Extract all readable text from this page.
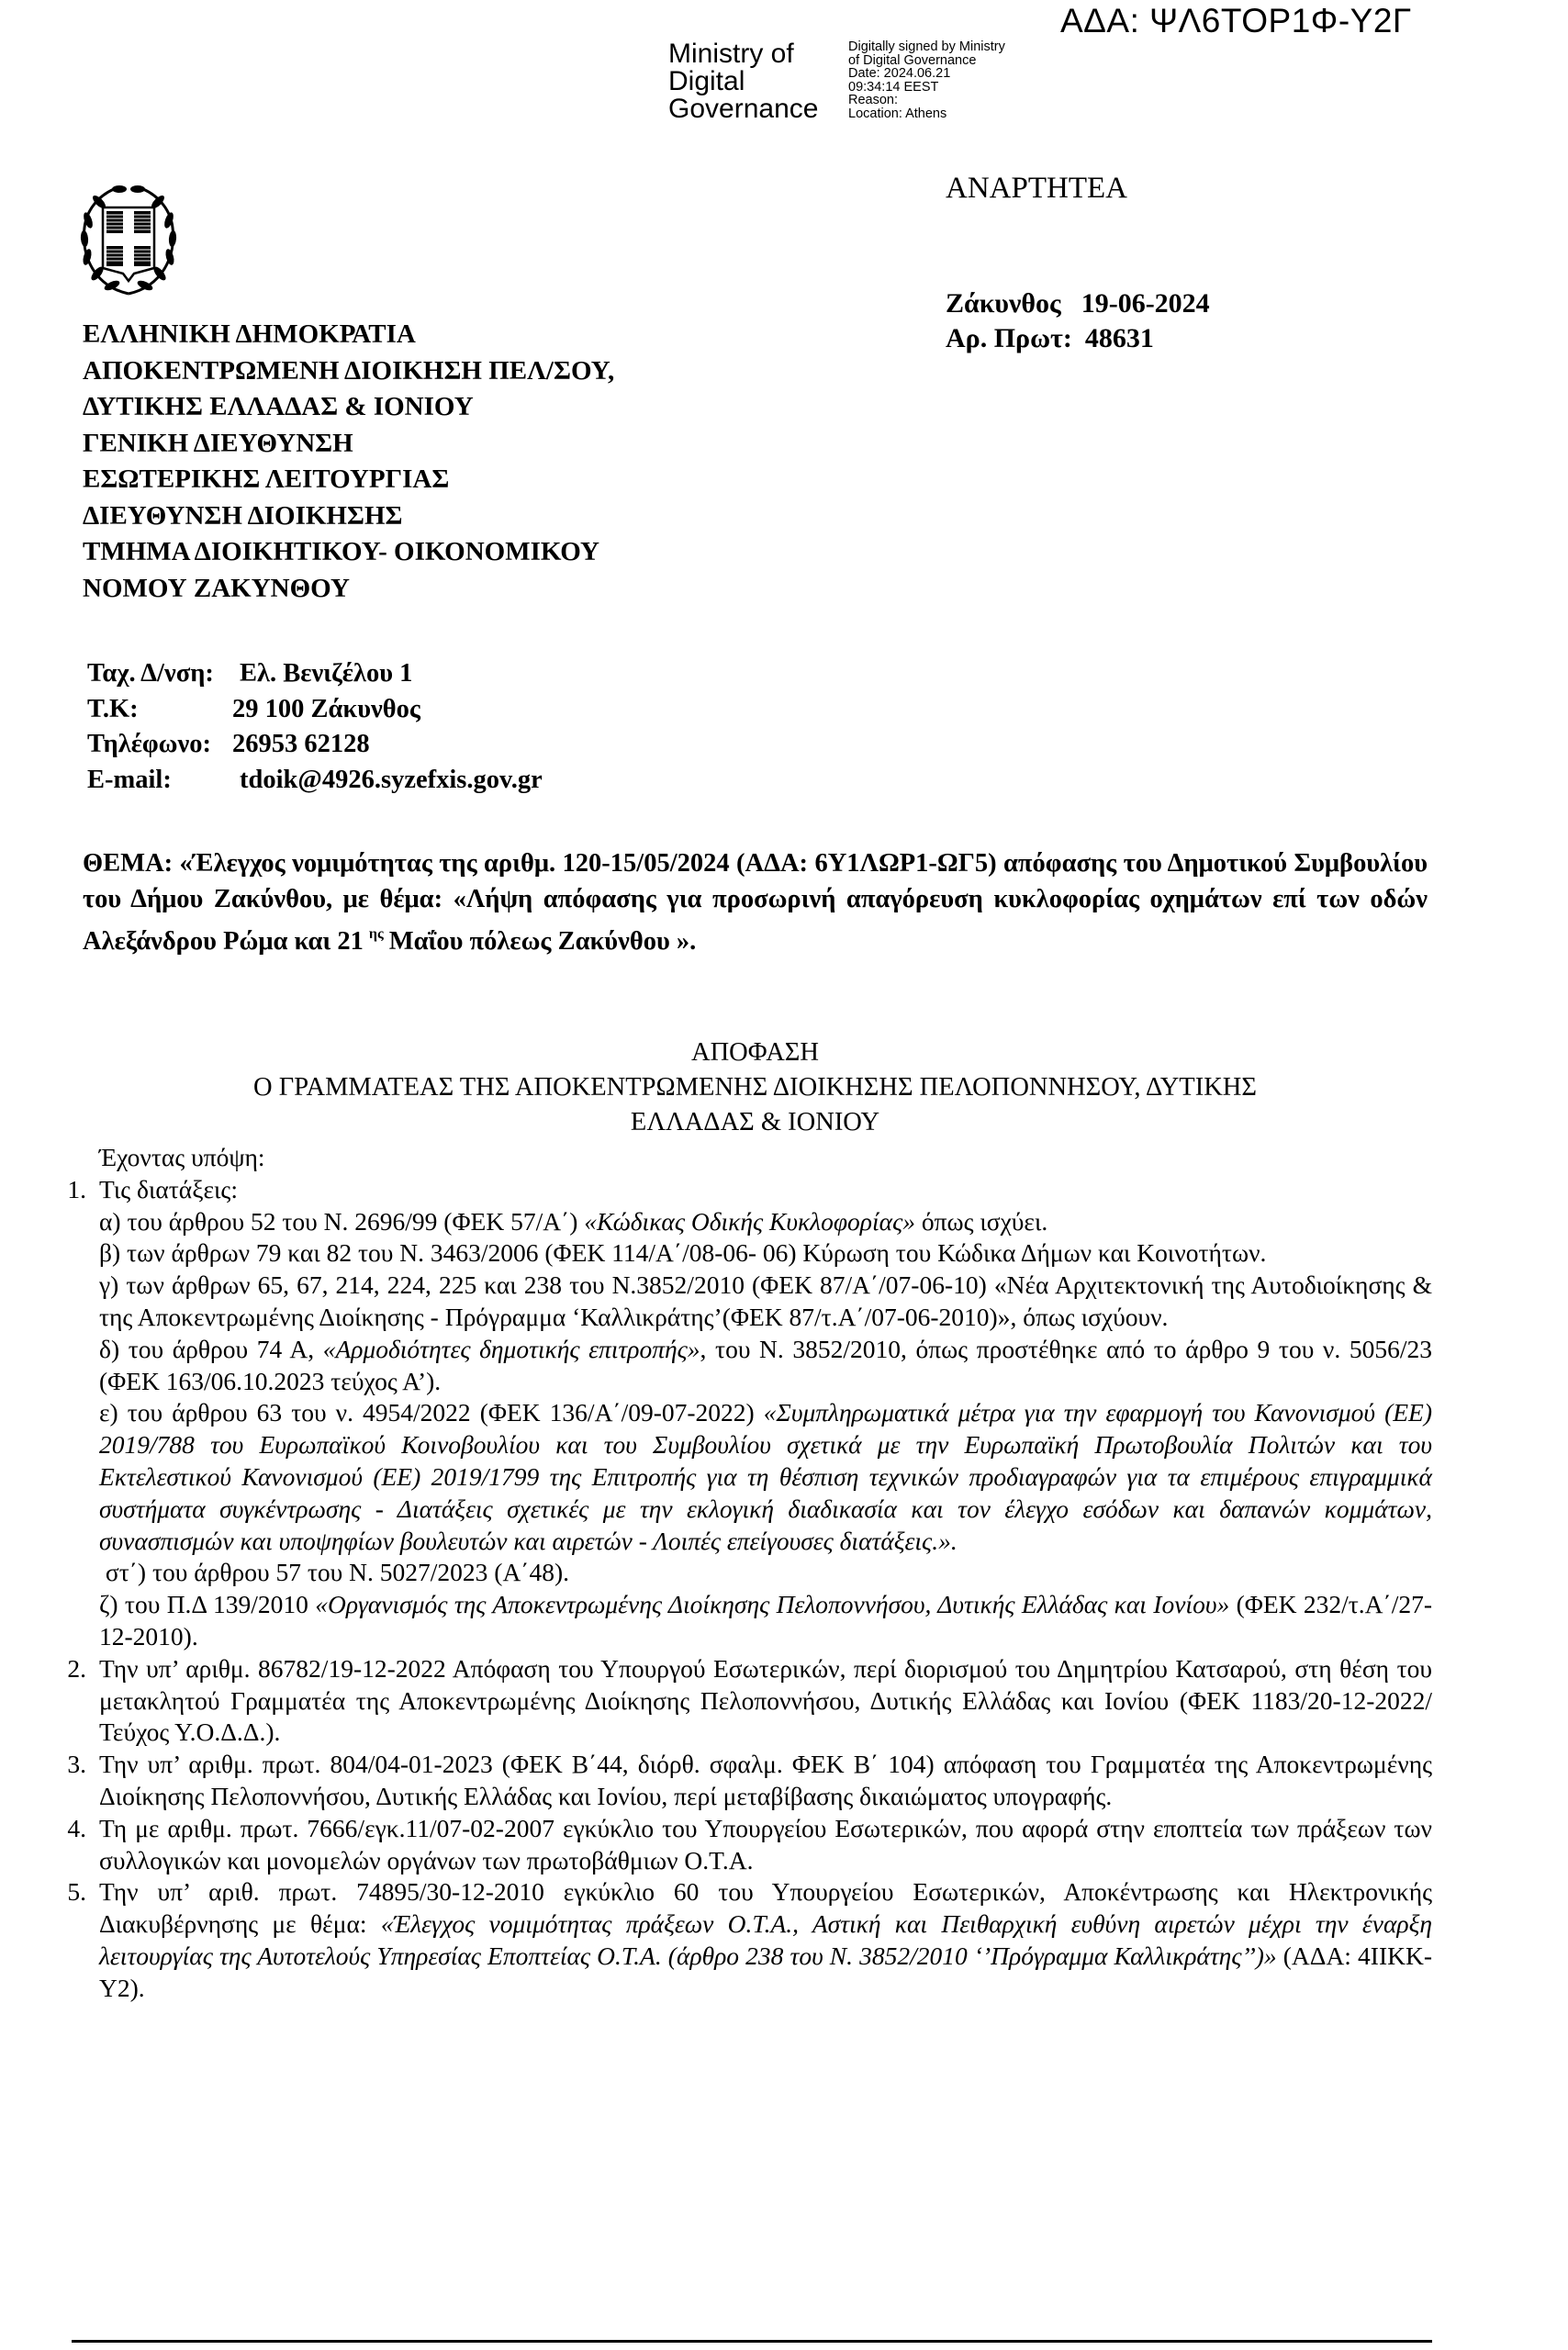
Ministry of
Digital
Governance
Digitally signed by Ministry
of Digital Governance
Date: 2024.06.21
09:34:14 EEST
Reason:
Location: Athens
ΑΔΑ: ΨΛ6ΤΟΡ1Φ-Υ2Γ
ΑΝΑΡΤΗΤΕΑ
Ζάκυνθος 19-06-2024
Αρ. Πρωτ: 48631
ΕΛΛΗΝΙΚΗ ΔΗΜΟΚΡΑΤΙΑ
ΑΠΟΚΕΝΤΡΩΜΕΝΗ ΔΙΟΙΚΗΣΗ ΠΕΛ/ΣΟΥ,
ΔΥΤΙΚΗΣ ΕΛΛΑΔΑΣ & ΙΟΝΙΟΥ
ΓΕΝΙΚΗ ΔΙΕΥΘΥΝΣΗ
ΕΣΩΤΕΡΙΚΗΣ ΛΕΙΤΟΥΡΓΙΑΣ
ΔΙΕΥΘΥΝΣΗ ΔΙΟΙΚΗΣΗΣ
ΤΜΗΜΑ ΔΙΟΙΚΗΤΙΚΟΥ- ΟΙΚΟΝΟΜΙΚΟΥ
ΝΟΜΟΥ ΖΑΚΥΝΘΟΥ
Ταχ. Δ/νση: Ελ. Βενιζέλου 1
Τ.Κ:	29 100 Ζάκυνθος
Τηλέφωνο: 26953 62128
E-mail:	tdoik@4926.syzefxis.gov.gr
ΘΕΜΑ: «Έλεγχος νομιμότητας της αριθμ. 120-15/05/2024 (ΑΔΑ: 6Υ1ΛΩΡ1-ΩΓ5) απόφασης του Δημοτικού Συμβουλίου του Δήμου Ζακύνθου, με θέμα: «Λήψη απόφασης για προσωρινή απαγόρευση κυκλοφορίας οχημάτων επί των οδών Αλεξάνδρου Ρώμα και 21 $^{\eta\varsigma}$ Μαΐου πόλεως Ζακύνθου ».
ΑΠΟΦΑΣΗ
Ο ΓΡΑΜΜΑΤΕΑΣ ΤΗΣ ΑΠΟΚΕΝΤΡΩΜΕΝΗΣ ΔΙΟΙΚΗΣΗΣ ΠΕΛΟΠΟΝΝΗΣΟΥ, ΔΥΤΙΚΗΣ
ΕΛΛΑΔΑΣ & ΙΟΝΙΟΥ
Έχοντας υπόψη:
1. Τις διατάξεις:
α) του άρθρου 52 του Ν. 2696/99 (ΦΕΚ 57/Α΄) «Κώδικας Οδικής Κυκλοφορίας» όπως ισχύει.
β) των άρθρων 79 και 82 του Ν. 3463/2006 (ΦΕΚ 114/Α΄/08-06- 06) Κύρωση του Κώδικα Δήμων και Κοινοτήτων.
γ) των άρθρων 65, 67, 214, 224, 225 και 238 του Ν.3852/2010 (ΦΕΚ 87/Α΄/07-06-10) «Νέα Αρχιτεκτονική της Αυτοδιοίκησης & της Αποκεντρωμένης Διοίκησης - Πρόγραμμα ‘Καλλικράτης’(ΦΕΚ 87/τ.Α΄/07-06-2010)», όπως ισχύουν.
δ) του άρθρου 74 Α, «Αρμοδιότητες δημοτικής επιτροπής», του Ν. 3852/2010, όπως προστέθηκε από το άρθρο 9 του ν. 5056/23 (ΦΕΚ 163/06.10.2023 τεύχος Α’).
ε) του άρθρου 63 του ν. 4954/2022 (ΦΕΚ 136/Α΄/09-07-2022) «Συμπληρωματικά μέτρα για την εφαρμογή του Κανονισμού (ΕΕ) 2019/788 του Ευρωπαϊκού Κοινοβουλίου και του Συμβουλίου σχετικά με την Ευρωπαϊκή Πρωτοβουλία Πολιτών και του Εκτελεστικού Κανονισμού (ΕΕ) 2019/1799 της Επιτροπής για τη θέσπιση τεχνικών προδιαγραφών για τα επιμέρους επιγραμμικά συστήματα συγκέντρωσης - Διατάξεις σχετικές με την εκλογική διαδικασία και τον έλεγχο εσόδων και δαπανών κομμάτων, συνασπισμών και υποψηφίων βουλευτών και αιρετών - Λοιπές επείγουσες διατάξεις.».
στ΄) του άρθρου 57 του Ν. 5027/2023 (Α΄48).
ζ) του Π.Δ 139/2010 «Οργανισμός της Αποκεντρωμένης Διοίκησης Πελοποννήσου, Δυτικής Ελλάδας και Ιονίου» (ΦΕΚ 232/τ.Α΄/27-12-2010).
2. Την υπ’ αριθμ. 86782/19-12-2022 Απόφαση του Υπουργού Εσωτερικών, περί διορισμού του Δημητρίου Κατσαρού, στη θέση του μετακλητού Γραμματέα της Αποκεντρωμένης Διοίκησης Πελοποννήσου, Δυτικής Ελλάδας και Ιονίου (ΦΕΚ 1183/20-12-2022/Τεύχος Υ.Ο.Δ.Δ.).
3. Την υπ’ αριθμ. πρωτ. 804/04-01-2023 (ΦΕΚ Β΄44, διόρθ. σφαλμ. ΦΕΚ Β΄ 104) απόφαση του Γραμματέα της Αποκεντρωμένης Διοίκησης Πελοποννήσου, Δυτικής Ελλάδας και Ιονίου, περί μεταβίβασης δικαιώματος υπογραφής.
4. Τη με αριθμ. πρωτ. 7666/εγκ.11/07-02-2007 εγκύκλιο του Υπουργείου Εσωτερικών, που αφορά στην εποπτεία των πράξεων των συλλογικών και μονομελών οργάνων των πρωτοβάθμιων Ο.Τ.Α.
5. Την υπ’ αριθ. πρωτ. 74895/30-12-2010 εγκύκλιο 60 του Υπουργείου Εσωτερικών, Αποκέντρωσης και Ηλεκτρονικής Διακυβέρνησης με θέμα: «Έλεγχος νομιμότητας πράξεων Ο.Τ.Α., Αστική και Πειθαρχική ευθύνη αιρετών μέχρι την έναρξη λειτουργίας της Αυτοτελούς Υπηρεσίας Εποπτείας Ο.Τ.Α. (άρθρο 238 του Ν. 3852/2010 ‘’Πρόγραμμα Καλλικράτης’’)» (ΑΔΑ: 4ΙΙΚΚ-Υ2).
